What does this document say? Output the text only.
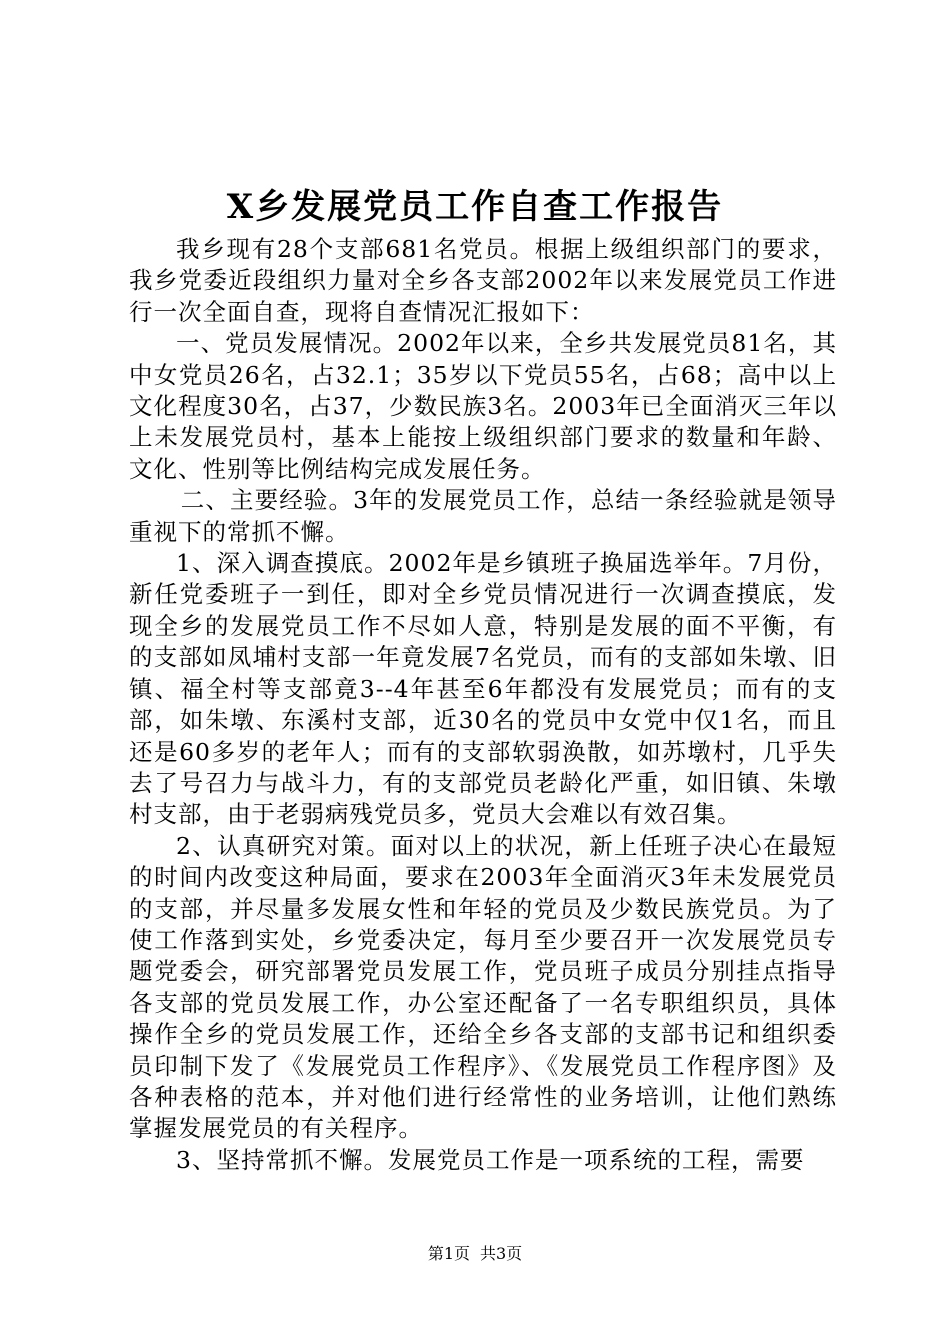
X乡发展党员工作自查工作报告

我乡现有28个支部681名党员。根据上级组织部门的要求，我乡党委近段组织力量对全乡各支部2002年以来发展党员工作进行一次全面自查，现将自查情况汇报如下：

一、党员发展情况。2002年以来，全乡共发展党员81名，其中女党员26名，占32.1；35岁以下党员55名，占68；高中以上文化程度30名，占37，少数民族3名。2003年已全面消灭三年以上未发展党员村，基本上能按上级组织部门要求的数量和年龄、文化、性别等比例结构完成发展任务。

二、主要经验。3年的发展党员工作，总结一条经验就是领导重视下的常抓不懈。

1、深入调查摸底。2002年是乡镇班子换届选举年。7月份，新任党委班子一到任，即对全乡党员情况进行一次调查摸底，发现全乡的发展党员工作不尽如人意，特别是发展的面不平衡，有的支部如凤埔村支部一年竟发展7名党员，而有的支部如朱墩、旧镇、福全村等支部竟3--4年甚至6年都没有发展党员；而有的支部，如朱墩、东溪村支部，近30名的党员中女党中仅1名，而且还是60多岁的老年人；而有的支部软弱涣散，如苏墩村，几乎失去了号召力与战斗力，有的支部党员老龄化严重，如旧镇、朱墩村支部，由于老弱病残党员多，党员大会难以有效召集。

2、认真研究对策。面对以上的状况，新上任班子决心在最短的时间内改变这种局面，要求在2003年全面消灭3年未发展党员的支部，并尽量多发展女性和年轻的党员及少数民族党员。为了使工作落到实处，乡党委决定，每月至少要召开一次发展党员专题党委会，研究部署党员发展工作，党员班子成员分别挂点指导各支部的党员发展工作，办公室还配备了一名专职组织员，具体操作全乡的党员发展工作，还给全乡各支部的支部书记和组织委员印制下发了《发展党员工作程序》、《发展党员工作程序图》及各种表格的范本，并对他们进行经常性的业务培训，让他们熟练掌握发展党员的有关程序。

3、坚持常抓不懈。发展党员工作是一项系统的工程，需要

第1页 共3页
